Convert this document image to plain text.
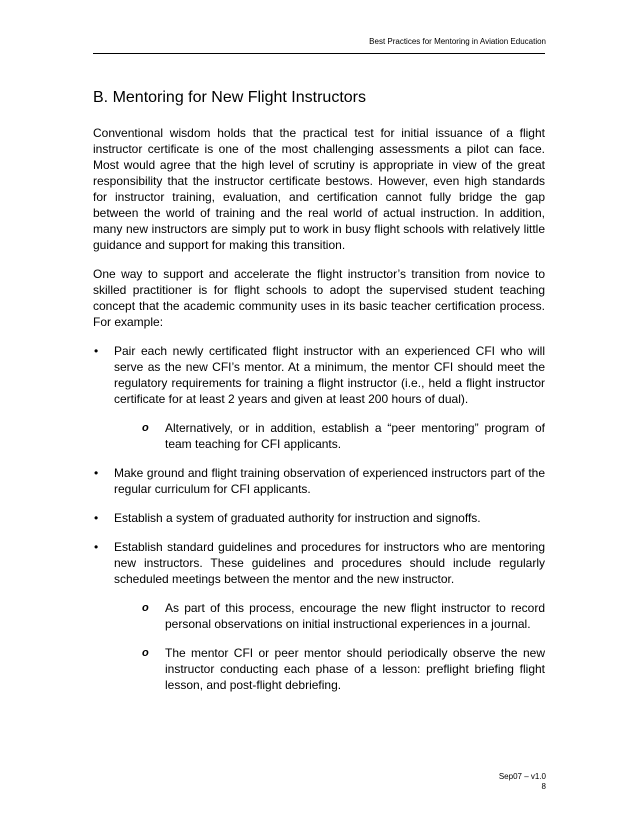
Best Practices for Mentoring in Aviation Education
B. Mentoring for New Flight Instructors

Conventional wisdom holds that the practical test for initial issuance of a flight instructor certificate is one of the most challenging assessments a pilot can face. Most would agree that the high level of scrutiny is appropriate in view of the great responsibility that the instructor certificate bestows. However, even high standards for instructor training, evaluation, and certification cannot fully bridge the gap between the world of training and the real world of actual instruction. In addition, many new instructors are simply put to work in busy flight schools with relatively little guidance and support for making this transition.

One way to support and accelerate the flight instructor’s transition from novice to skilled practitioner is for flight schools to adopt the supervised student teaching concept that the academic community uses in its basic teacher certification process. For example:

• Pair each newly certificated flight instructor with an experienced CFI who will serve as the new CFI’s mentor. At a minimum, the mentor CFI should meet the regulatory requirements for training a flight instructor (i.e., held a flight instructor certificate for at least 2 years and given at least 200 hours of dual).

o Alternatively, or in addition, establish a “peer mentoring” program of team teaching for CFI applicants.

• Make ground and flight training observation of experienced instructors part of the regular curriculum for CFI applicants.

• Establish a system of graduated authority for instruction and signoffs.

• Establish standard guidelines and procedures for instructors who are mentoring new instructors. These guidelines and procedures should include regularly scheduled meetings between the mentor and the new instructor.

o As part of this process, encourage the new flight instructor to record personal observations on initial instructional experiences in a journal.

o The mentor CFI or peer mentor should periodically observe the new instructor conducting each phase of a lesson: preflight briefing flight lesson, and post-flight debriefing.

Sep07 – v1.0
8
